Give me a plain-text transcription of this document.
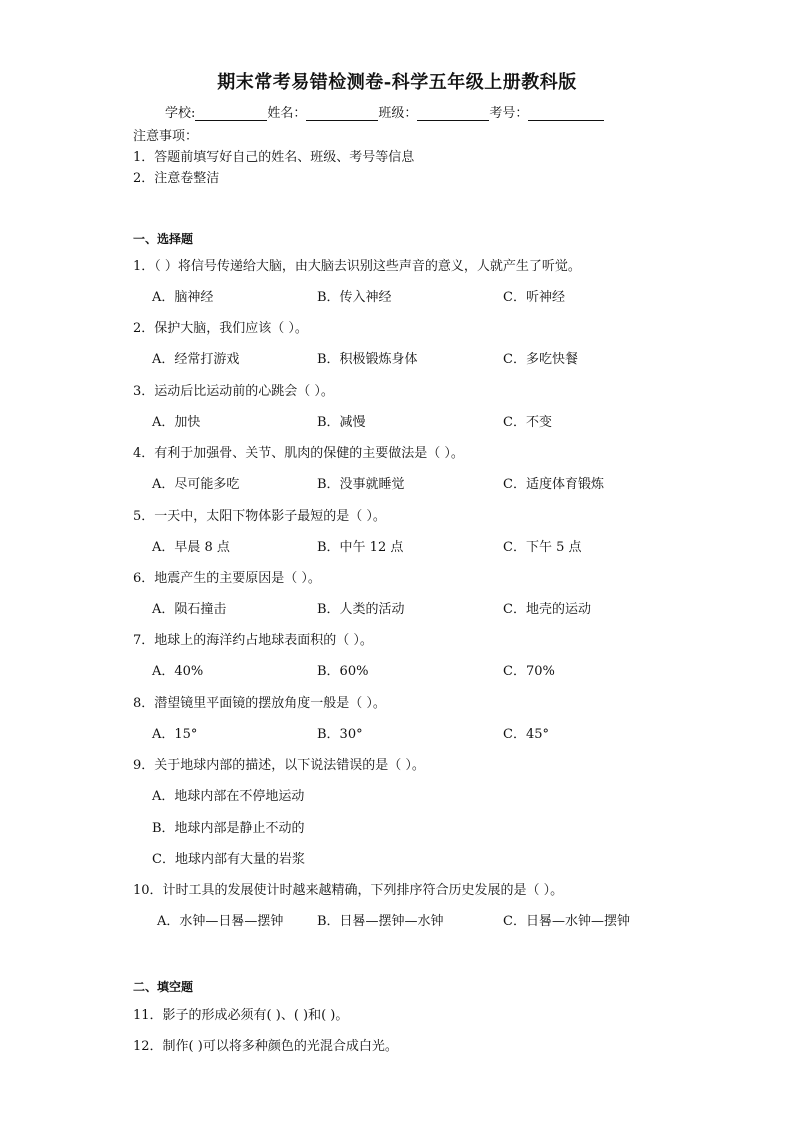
期末常考易错检测卷-科学五年级上册教科版
学校:	姓名：	班级：	考号：
注意事项：
1．答题前填写好自己的姓名、班级、考号等信息
2．注意卷整洁
一、选择题
1．（ ）将信号传递给大脑，由大脑去识别这些声音的意义，人就产生了听觉。
A．脑神经	B．传入神经	C．听神经
2．保护大脑，我们应该（ ）。
A．经常打游戏	B．积极锻炼身体	C．多吃快餐
3．运动后比运动前的心跳会（ ）。
A．加快	B．减慢	C．不变
4．有利于加强骨、关节、肌肉的保健的主要做法是（ ）。
A．尽可能多吃	B．没事就睡觉	C．适度体育锻炼
5．一天中，太阳下物体影子最短的是（ ）。
A．早晨 8 点	B．中午 12 点	C．下午 5 点
6．地震产生的主要原因是（ ）。
A．陨石撞击	B．人类的活动	C．地壳的运动
7．地球上的海洋约占地球表面积的（ ）。
A．40%	B．60%	C．70%
8．潜望镜里平面镜的摆放角度一般是（ ）。
A．15°	B．30°	C．45°
9．关于地球内部的描述，以下说法错误的是（ ）。
A．地球内部在不停地运动
B．地球内部是静止不动的
C．地球内部有大量的岩浆
10．计时工具的发展使计时越来越精确，下列排序符合历史发展的是（ ）。
A．水钟—日晷—摆钟	B．日晷—摆钟—水钟	C．日晷—水钟—摆钟
二、填空题
11．影子的形成必须有( )、( )和( )。
12．制作( )可以将多种颜色的光混合成白光。
